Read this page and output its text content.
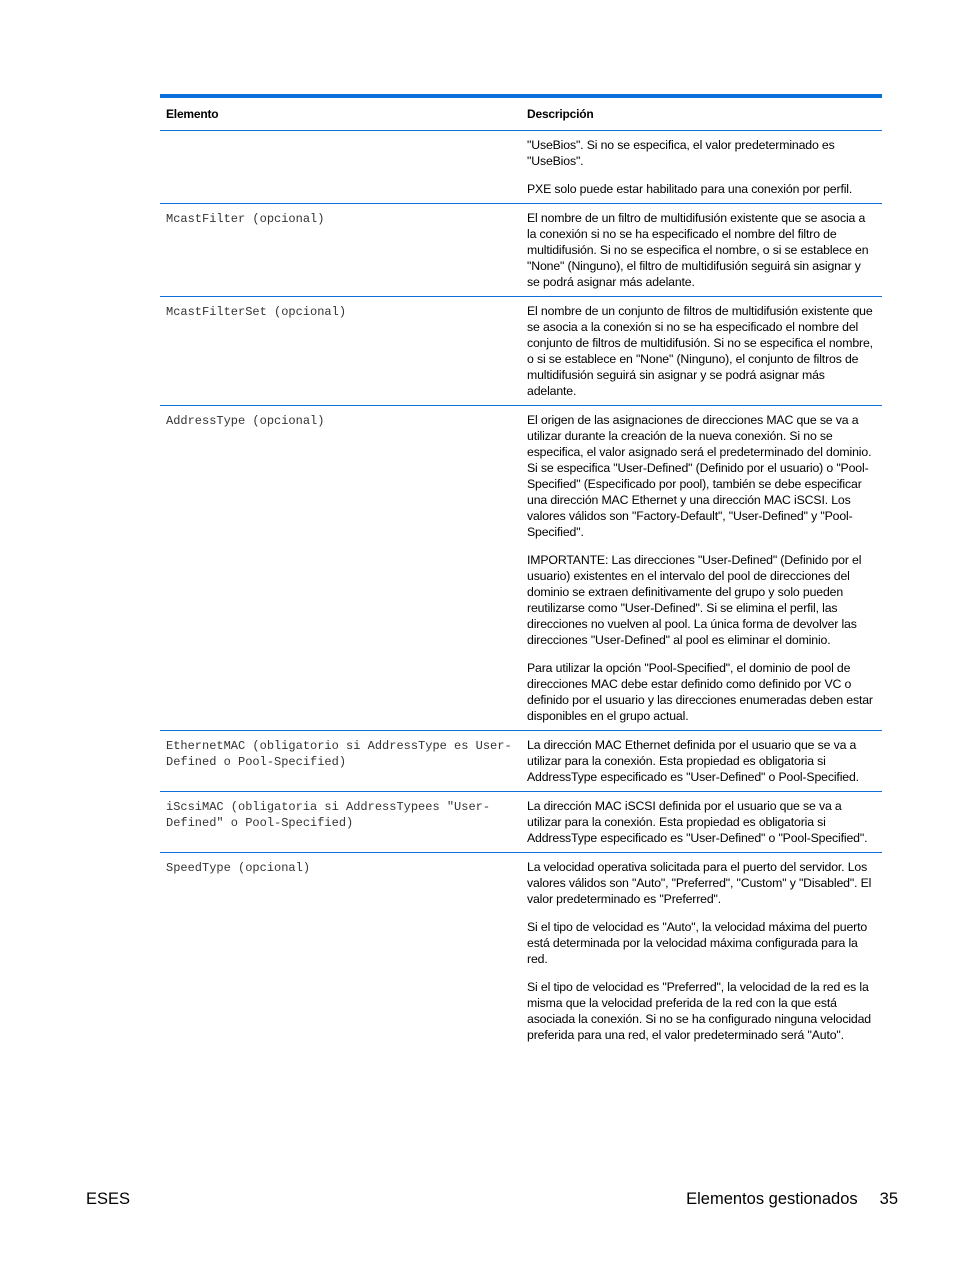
Elemento	Descripción

	"UseBios". Si no se especifica, el valor predeterminado es "UseBios".

PXE solo puede estar habilitado para una conexión por perfil.

McastFilter (opcional)	El nombre de un filtro de multidifusión existente que se asocia a la conexión si no se ha especificado el nombre del filtro de multidifusión. Si no se especifica el nombre, o si se establece en "None" (Ninguno), el filtro de multidifusión seguirá sin asignar y se podrá asignar más adelante.

McastFilterSet (opcional)	El nombre de un conjunto de filtros de multidifusión existente que se asocia a la conexión si no se ha especificado el nombre del conjunto de filtros de multidifusión. Si no se especifica el nombre, o si se establece en "None" (Ninguno), el conjunto de filtros de multidifusión seguirá sin asignar y se podrá asignar más adelante.

AddressType (opcional)	El origen de las asignaciones de direcciones MAC que se va a utilizar durante la creación de la nueva conexión. Si no se especifica, el valor asignado será el predeterminado del dominio. Si se especifica "User-Defined" (Definido por el usuario) o "Pool-Specified" (Especificado por pool), también se debe especificar una dirección MAC Ethernet y una dirección MAC iSCSI. Los valores válidos son "Factory-Default", "User-Defined" y "Pool-Specified".

IMPORTANTE: Las direcciones "User-Defined" (Definido por el usuario) existentes en el intervalo del pool de direcciones del dominio se extraen definitivamente del grupo y solo pueden reutilizarse como "User-Defined". Si se elimina el perfil, las direcciones no vuelven al pool. La única forma de devolver las direcciones "User-Defined" al pool es eliminar el dominio.

Para utilizar la opción "Pool-Specified", el dominio de pool de direcciones MAC debe estar definido como definido por VC o definido por el usuario y las direcciones enumeradas deben estar disponibles en el grupo actual.

EthernetMAC (obligatorio si AddressType es User-Defined o Pool-Specified)	La dirección MAC Ethernet definida por el usuario que se va a utilizar para la conexión. Esta propiedad es obligatoria si AddressType especificado es "User-Defined" o Pool-Specified.

iScsiMAC (obligatoria si AddressTypees "User-Defined" o Pool-Specified)	La dirección MAC iSCSI definida por el usuario que se va a utilizar para la conexión. Esta propiedad es obligatoria si AddressType especificado es "User-Defined" o "Pool-Specified".

SpeedType (opcional)	La velocidad operativa solicitada para el puerto del servidor. Los valores válidos son "Auto", "Preferred", "Custom" y "Disabled". El valor predeterminado es "Preferred".

Si el tipo de velocidad es "Auto", la velocidad máxima del puerto está determinada por la velocidad máxima configurada para la red.

Si el tipo de velocidad es "Preferred", la velocidad de la red es la misma que la velocidad preferida de la red con la que está asociada la conexión. Si no se ha configurado ninguna velocidad preferida para una red, el valor predeterminado será "Auto".

ESES	Elementos gestionados 35
